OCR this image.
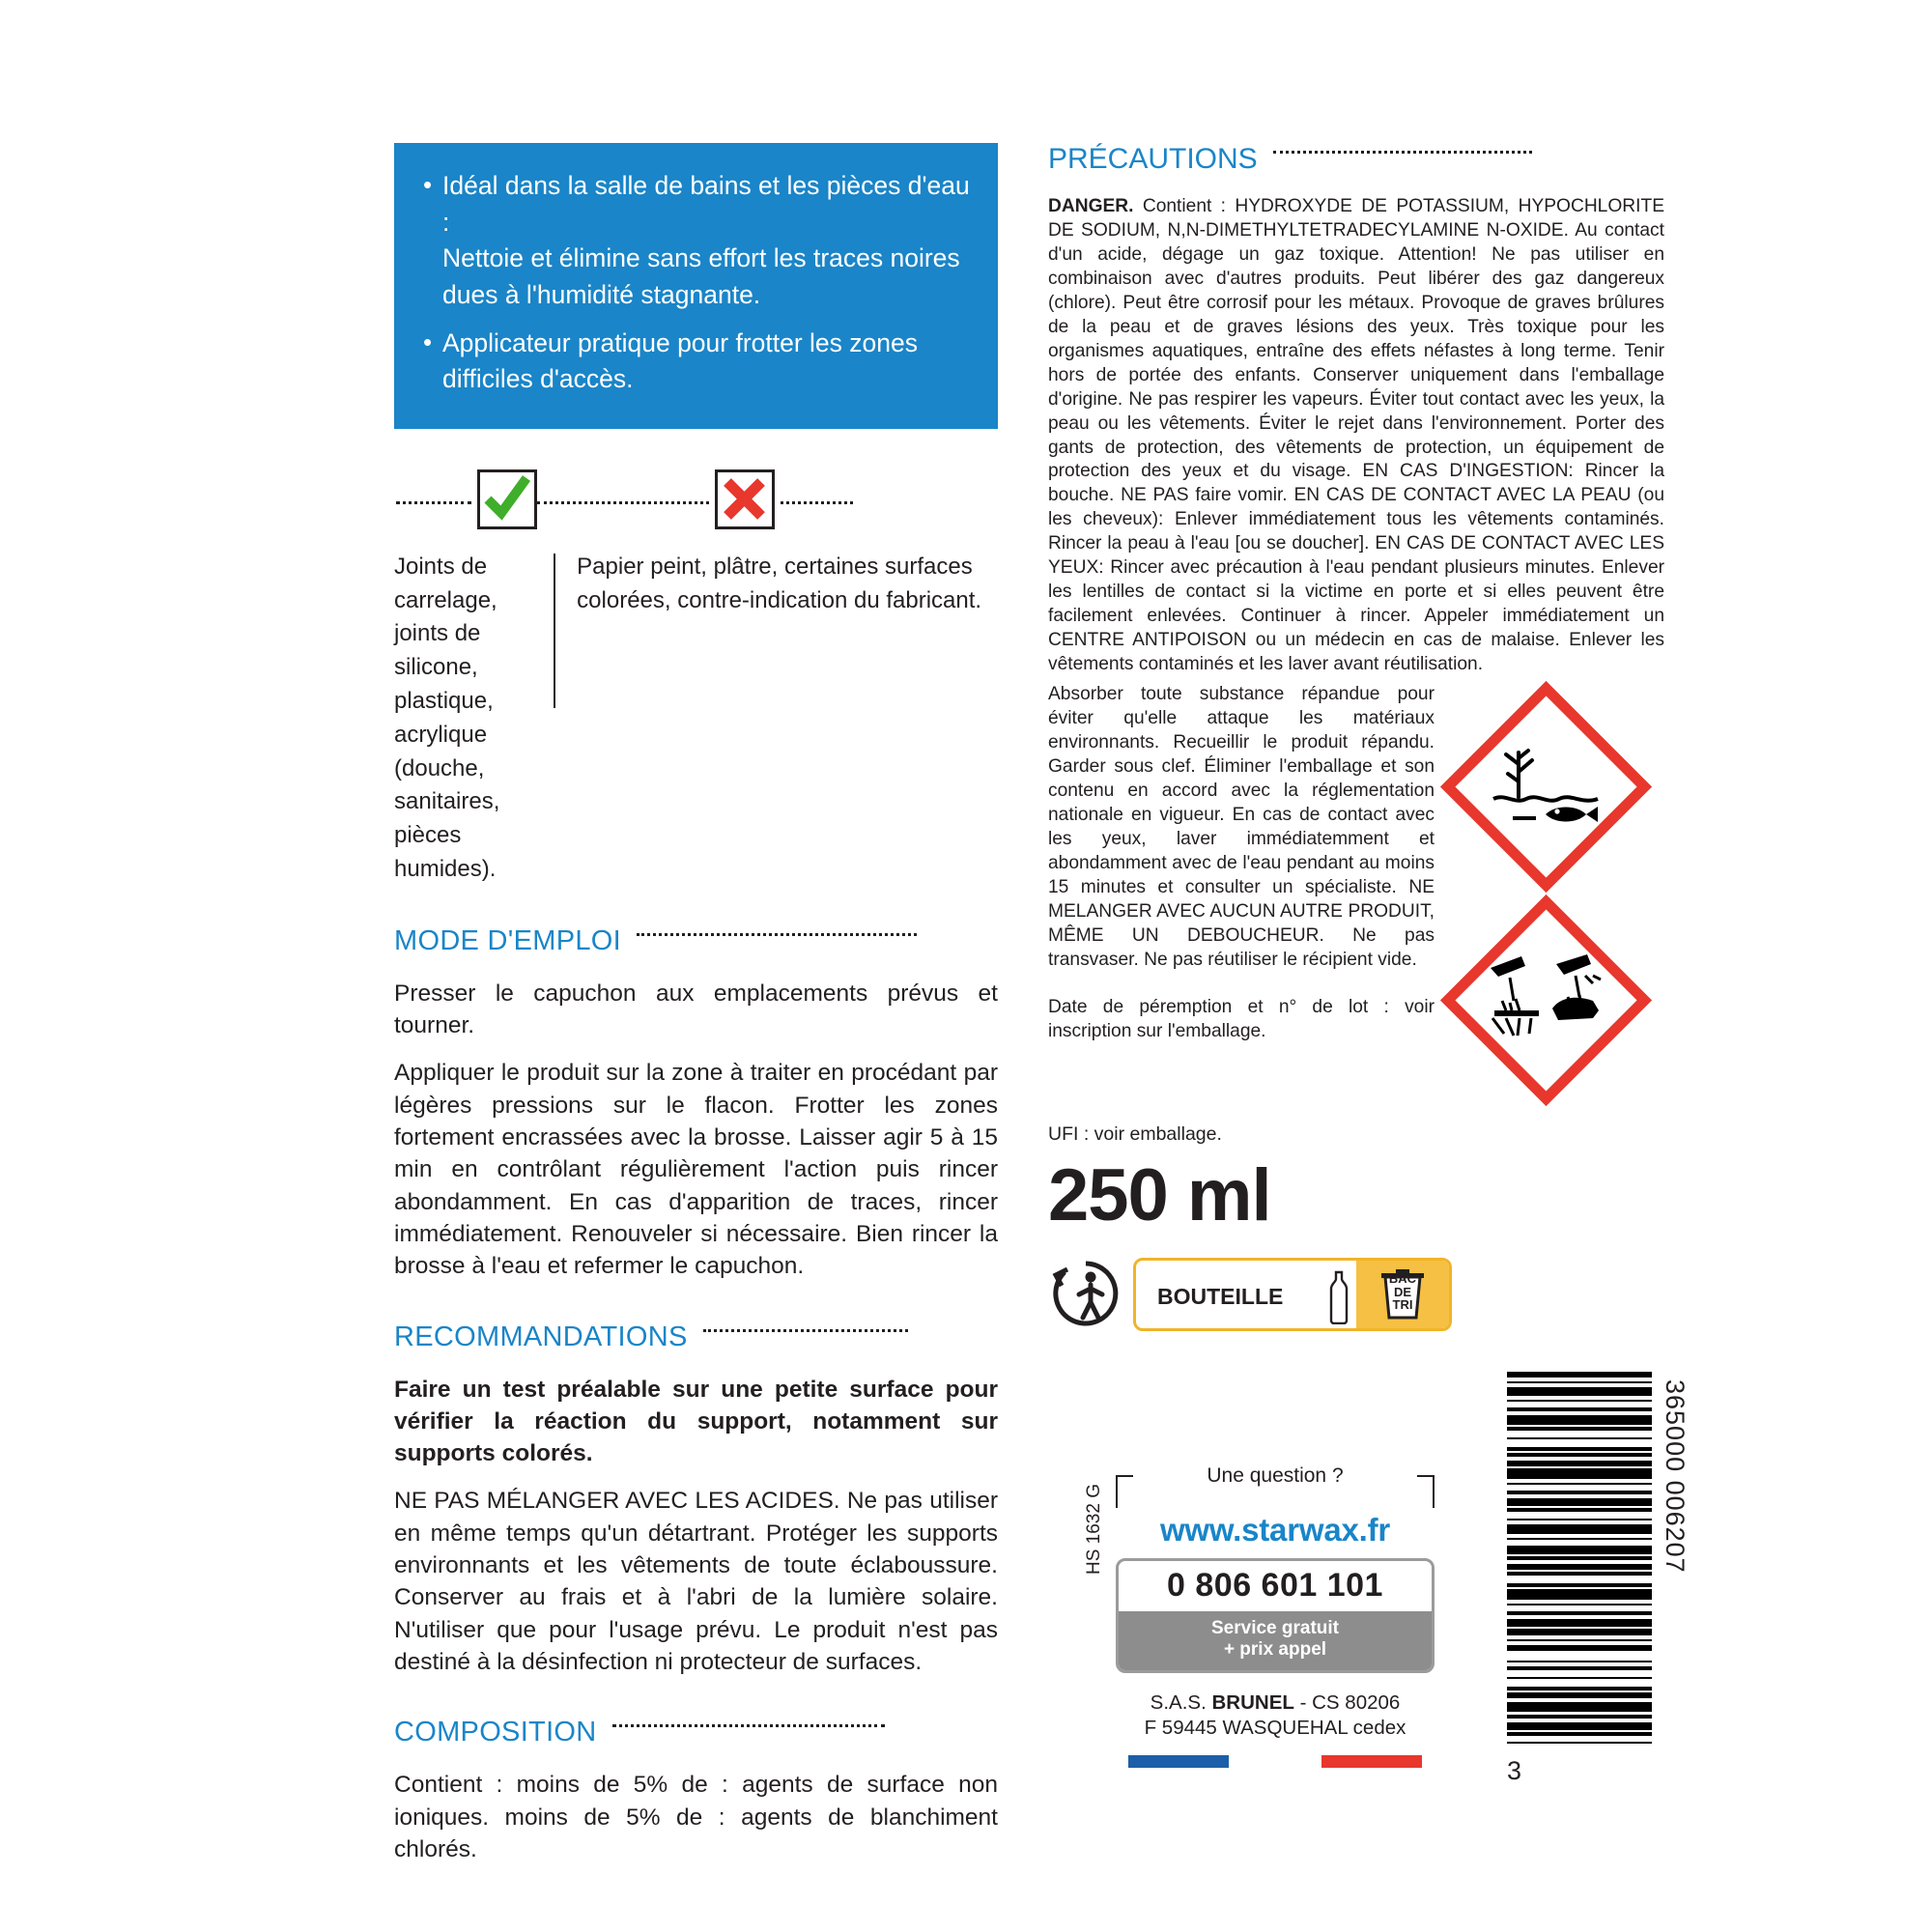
• Idéal dans la salle de bains et les pièces d'eau :
Nettoie et élimine sans effort les traces noires dues à l'humidité stagnante.
• Applicateur pratique pour frotter les zones difficiles d'accès.
Joints de carrelage, joints de silicone, plastique, acrylique (douche, sanitaires, pièces humides).
Papier peint, plâtre, certaines surfaces colorées, contre-indication du fabricant.
MODE D'EMPLOI

Presser le capuchon aux emplacements prévus et tourner.

Appliquer le produit sur la zone à traiter en procédant par légères pressions sur le flacon. Frotter les zones fortement encrassées avec la brosse. Laisser agir 5 à 15 min en contrôlant régulièrement l'action puis rincer abondamment. En cas d'apparition de traces, rincer immédiatement. Renouveler si nécessaire. Bien rincer la brosse à l'eau et refermer le capuchon.

RECOMMANDATIONS

Faire un test préalable sur une petite surface pour vérifier la réaction du support, notamment sur supports colorés.

NE PAS MÉLANGER AVEC LES ACIDES. Ne pas utiliser en même temps qu'un détartrant. Protéger les supports environnants et les vêtements de toute éclaboussure. Conserver au frais et à l'abri de la lumière solaire. N'utiliser que pour l'usage prévu. Le produit n'est pas destiné à la désinfection ni protecteur de surfaces.

COMPOSITION

Contient : moins de 5% de : agents de surface non ioniques. moins de 5% de : agents de blanchiment chlorés.

PRÉCAUTIONS
DANGER. Contient : HYDROXYDE DE POTASSIUM, HYPOCHLORITE DE SODIUM, N,N-DIMETHYLTETRADECYLAMINE N-OXIDE. Au contact d'un acide, dégage un gaz toxique. Attention! Ne pas utiliser en combinaison avec d'autres produits. Peut libérer des gaz dangereux (chlore). Peut être corrosif pour les métaux. Provoque de graves brûlures de la peau et de graves lésions des yeux. Très toxique pour les organismes aquatiques, entraîne des effets néfastes à long terme. Tenir hors de portée des enfants. Conserver uniquement dans l'emballage d'origine. Ne pas respirer les vapeurs. Éviter tout contact avec les yeux, la peau ou les vêtements. Éviter le rejet dans l'environnement. Porter des gants de protection, des vêtements de protection, un équipement de protection des yeux et du visage. EN CAS D'INGESTION: Rincer la bouche. NE PAS faire vomir. EN CAS DE CONTACT AVEC LA PEAU (ou les cheveux): Enlever immédiatement tous les vêtements contaminés. Rincer la peau à l'eau [ou se doucher]. EN CAS DE CONTACT AVEC LES YEUX: Rincer avec précaution à l'eau pendant plusieurs minutes. Enlever les lentilles de contact si la victime en porte et si elles peuvent être facilement enlevées. Continuer à rincer. Appeler immédiatement un CENTRE ANTIPOISON ou un médecin en cas de malaise. Enlever les vêtements contaminés et les laver avant réutilisation.
Absorber toute substance répandue pour éviter qu'elle attaque les matériaux environnants. Recueillir le produit répandu. Garder sous clef. Éliminer l'emballage et son contenu en accord avec la réglementation nationale en vigueur. En cas de contact avec les yeux, laver immédiatemment et abondamment avec de l'eau pendant au moins 15 minutes et consulter un spécialiste. NE MELANGER AVEC AUCUN AUTRE PRODUIT, MÊME UN DEBOUCHEUR. Ne pas transvaser. Ne pas réutiliser le récipient vide.

Date de péremption et n° de lot : voir inscription sur l'emballage.
UFI : voir emballage.
250 ml
BOUTEILLE
BAC
DE
TRI
HS 1632 G
Une question ?
www.starwax.fr
0 806 601 101
Service gratuit
+ prix appel
S.A.S. BRUNEL - CS 80206
F 59445 WASQUEHAL cedex
365000 006207
3
